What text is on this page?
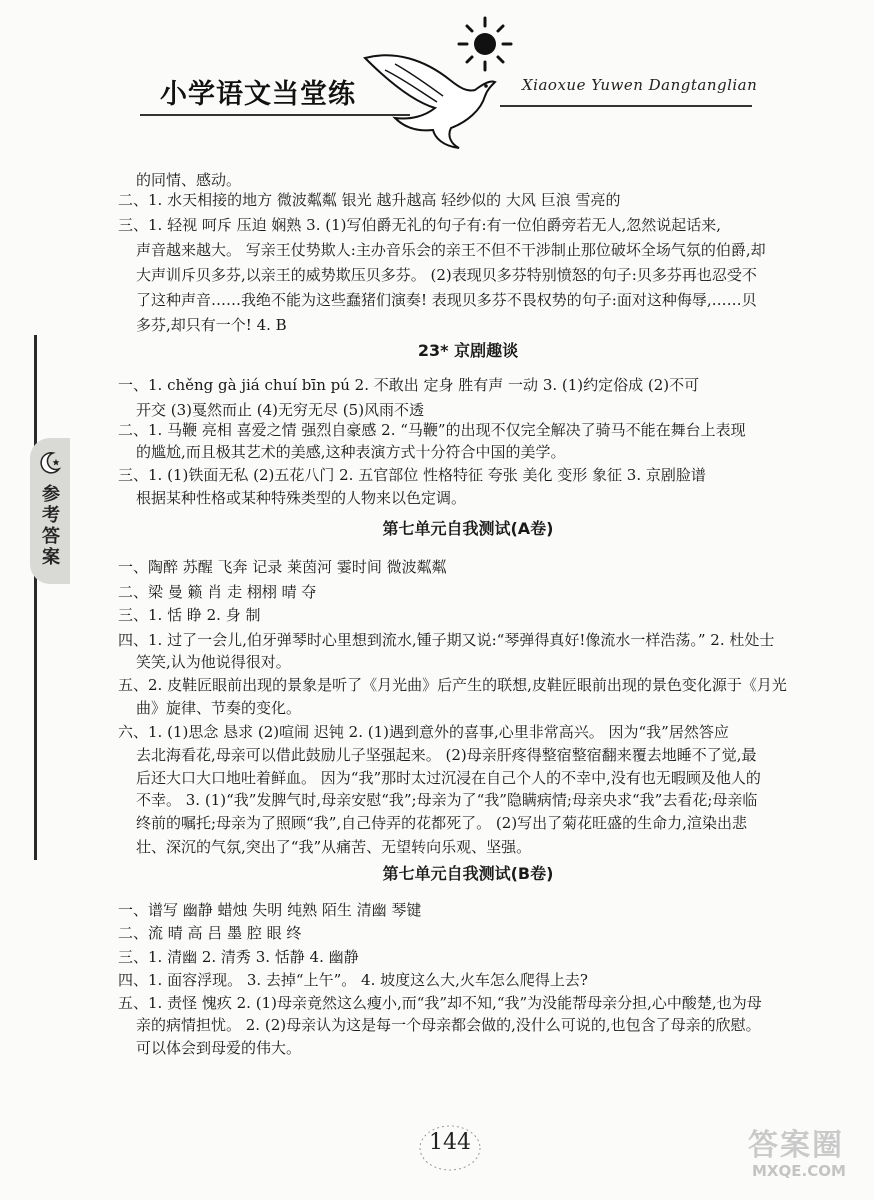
小学语文当堂练	Xiaoxue Yuwen Dangtanglian
参考答案
的同情、感动。
二、1. 水天相接的地方 微波粼粼 银光 越升越高 轻纱似的 大风 巨浪 雪亮的
三、1. 轻视 呵斥 压迫 娴熟 3. (1)写伯爵无礼的句子有:有一位伯爵旁若无人,忽然说起话来,
声音越来越大。 写亲王仗势欺人:主办音乐会的亲王不但不干涉制止那位破坏全场气氛的伯爵,却
大声训斥贝多芬,以亲王的威势欺压贝多芬。 (2)表现贝多芬特别愤怒的句子:贝多芬再也忍受不
了这种声音……我绝不能为这些蠢猪们演奏! 表现贝多芬不畏权势的句子:面对这种侮辱,……贝
多芬,却只有一个! 4. B
23* 京剧趣谈
一、1. chěng gà jiá chuí bīn pú 2. 不敢出 定身 胜有声 一动 3. (1)约定俗成 (2)不可
开交 (3)戛然而止 (4)无穷无尽 (5)风雨不透
二、1. 马鞭 亮相 喜爱之情 强烈自豪感 2. “马鞭”的出现不仅完全解决了骑马不能在舞台上表现
的尴尬,而且极其艺术的美感,这种表演方式十分符合中国的美学。
三、1. (1)铁面无私 (2)五花八门 2. 五官部位 性格特征 夸张 美化 变形 象征 3. 京剧脸谱
根据某种性格或某种特殊类型的人物来以色定调。
第七单元自我测试(A卷)
一、陶醉 苏醒 飞奔 记录 莱茵河 霎时间 微波粼粼
二、梁 曼 籁 肖 走 栩栩 晴 夺
三、1. 恬 睁 2. 身 制
四、1. 过了一会儿,伯牙弹琴时心里想到流水,锺子期又说:“琴弹得真好!像流水一样浩荡。” 2. 杜处士
笑笑,认为他说得很对。
五、2. 皮鞋匠眼前出现的景象是听了《月光曲》后产生的联想,皮鞋匠眼前出现的景色变化源于《月光
曲》旋律、节奏的变化。
六、1. (1)思念 恳求 (2)喧闹 迟钝 2. (1)遇到意外的喜事,心里非常高兴。 因为“我”居然答应
去北海看花,母亲可以借此鼓励儿子坚强起来。 (2)母亲肝疼得整宿整宿翻来覆去地睡不了觉,最
后还大口大口地吐着鲜血。 因为“我”那时太过沉浸在自己个人的不幸中,没有也无暇顾及他人的
不幸。 3. (1)“我”发脾气时,母亲安慰“我”;母亲为了“我”隐瞒病情;母亲央求“我”去看花;母亲临
终前的嘱托;母亲为了照顾“我”,自己侍弄的花都死了。 (2)写出了菊花旺盛的生命力,渲染出悲
壮、深沉的气氛,突出了“我”从痛苦、无望转向乐观、坚强。
第七单元自我测试(B卷)
一、谱写 幽静 蜡烛 失明 纯熟 陌生 清幽 琴键
二、流 晴 高 吕 墨 腔 眼 终
三、1. 清幽 2. 清秀 3. 恬静 4. 幽静
四、1. 面容浮现。 3. 去掉“上午”。 4. 坡度这么大,火车怎么爬得上去?
五、1. 责怪 愧疚 2. (1)母亲竟然这么瘦小,而“我”却不知,“我”为没能帮母亲分担,心中酸楚,也为母
亲的病情担忧。 2. (2)母亲认为这是每一个母亲都会做的,没什么可说的,也包含了母亲的欣慰。
可以体会到母爱的伟大。
144	答案圈
MXQE.COM
